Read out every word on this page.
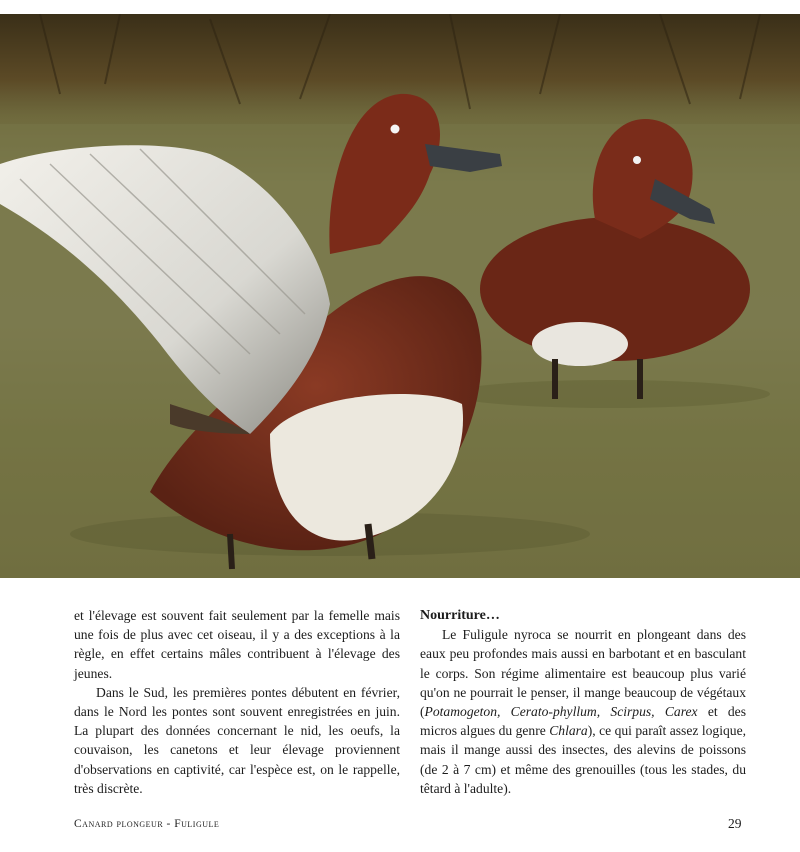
et l'élevage est souvent fait seulement par la femelle mais une fois de plus avec cet oiseau, il y a des exceptions à la règle, en effet certains mâles contribuent à l'élevage des jeunes.

Dans le Sud, les premières pontes débutent en février, dans le Nord les pontes sont souvent enregistrées en juin. La plupart des données concernant le nid, les oeufs, la couvaison, les canetons et leur élevage proviennent d'observations en captivité, car l'espèce est, on le rappelle, très discrète.

Nourriture…

Le Fuligule nyroca se nourrit en plongeant dans des eaux peu profondes mais aussi en barbotant et en basculant le corps. Son régime alimentaire est beaucoup plus varié qu'on ne pourrait le penser, il mange beaucoup de végétaux (Potamogeton, Cerato-phyllum, Scirpus, Carex et des micros algues du genre Chlara), ce qui paraît assez logique, mais il mange aussi des insectes, des alevins de poissons (de 2 à 7 cm) et même des grenouilles (tous les stades, du têtard à l'adulte).

Canard plongeur - Fuligule	29
